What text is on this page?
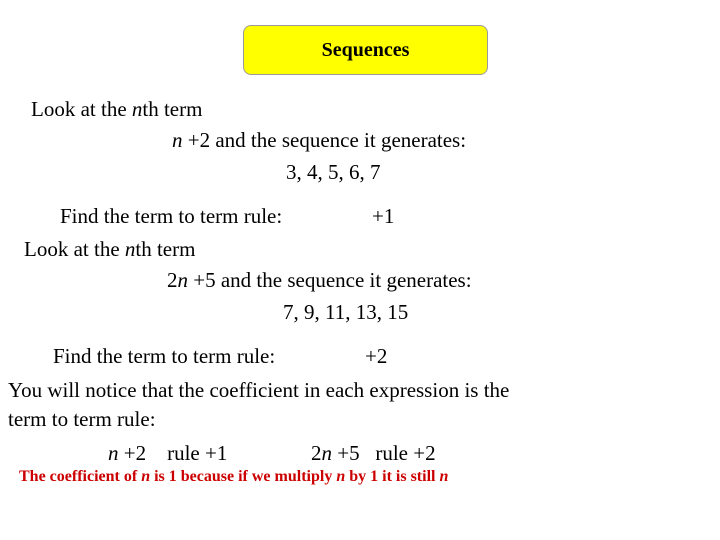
Sequences
Look at the nth term
n +2 and the sequence it generates:
3, 4, 5, 6, 7
Find the term to term rule:	+1
Look at the nth term
2n +5 and the sequence it generates:
7, 9, 11, 13, 15
Find the term to term rule:	+2
You will notice that the coefficient in each expression is the
term to term rule:
n +2    rule +1	2n +5   rule +2
The coefficient of n is 1 because if we multiply n by 1 it is still n
